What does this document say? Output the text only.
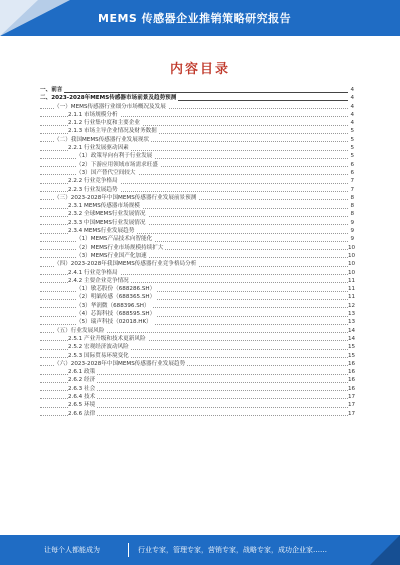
MEMS 传感器企业推销策略研究报告
内容目录
一、前言	4
二、2023-2028年MEMS传感器市场前景及趋势预测	4
（一）MEMS传感器行业细分市场概况及发展	4
2.1.1 市场规模分析	4
2.1.2 行业集中度和主要企业	4
2.1.3 市场主导企业情况及财务数据	5
（二）我国MEMS传感器行业发展现状	5
2.2.1 行业发展驱动因素	5
（1）政策导向有利于行业发展	5
（2）下游应用领域市场需求旺盛	6
（3）国产替代空间较大	6
2.2.2 行业竞争格局	7
2.2.3 行业发展趋势	7
（三）2023-2028年中国MEMS传感器行业发展前景预测	8
2.3.1 MEMS传感器市场规模	8
2.3.2 全球MEMS行业发展情况	8
2.3.3 中国MEMS行业发展情况	9
2.3.4 MEMS行业发展趋势	9
（1）MEMS产品技术向智能化	9
（2）MEMS行业市场规模持续扩大	10
（3）MEMS行业国产化加速	10
（四）2023-2028年我国MEMS传感器行业竞争格局分析	10
2.4.1 行业竞争格局	10
2.4.2 主要企业竞争情况	11
（1）敏芯股份（688286.SH）	11
（2）明皜传感（688365.SH）	11
（3）华润微（688396.SH）	12
（4）芯海科技（688595.SH）	13
（5）瑞声科技（02018.HK）	13
（五）行业发展风险	14
2.5.1 产业升级和技术更新风险	14
2.5.2 宏观经济波动风险	15
2.5.3 国际贸易环境变化	15
（六）2023-2028年中国MEMS传感器行业发展趋势	16
2.6.1 政策	16
2.6.2 经济	16
2.6.3 社会	16
2.6.4 技术	17
2.6.5 环境	17
2.6.6 法律	17
让每个人都能成为	行业专家，管理专家，营销专家，战略专家，成功企业家……
